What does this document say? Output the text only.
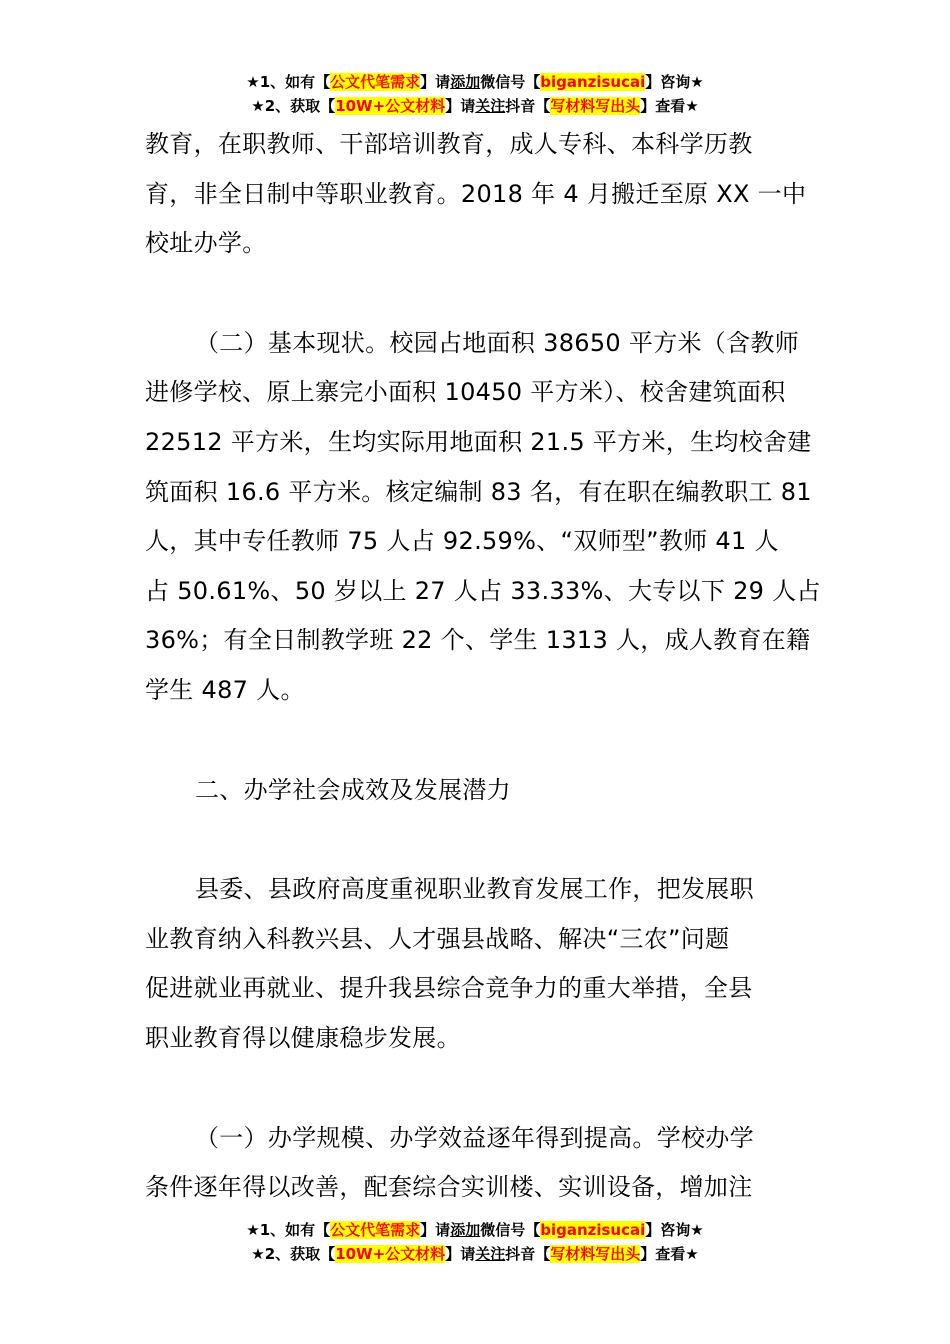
★1、如有【公文代笔需求】请添加微信号【biganzisucai】咨询★
★2、获取【10W+公文材料】请关注抖音【写材料写出头】查看★

教育，在职教师、干部培训教育，成人专科、本科学历教
育，非全日制中等职业教育。2018 年 4 月搬迁至原 XX 一中
校址办学。

（二）基本现状。校园占地面积 38650 平方米（含教师
进修学校、原上寨完小面积 10450 平方米）、校舍建筑面积
22512 平方米，生均实际用地面积 21.5 平方米，生均校舍建
筑面积 16.6 平方米。核定编制 83 名，有在职在编教职工 81
人，其中专任教师 75 人占 92.59%、“双师型”教师 41 人
占 50.61%、50 岁以上 27 人占 33.33%、大专以下 29 人占
36%；有全日制教学班 22 个、学生 1313 人，成人教育在籍
学生 487 人。

二、办学社会成效及发展潜力

县委、县政府高度重视职业教育发展工作，把发展职
业教育纳入科教兴县、人才强县战略、解决“三农”问题
促进就业再就业、提升我县综合竞争力的重大举措，全县
职业教育得以健康稳步发展。

（一）办学规模、办学效益逐年得到提高。学校办学
条件逐年得以改善，配套综合实训楼、实训设备，增加注

★1、如有【公文代笔需求】请添加微信号【biganzisucai】咨询★
★2、获取【10W+公文材料】请关注抖音【写材料写出头】查看★
